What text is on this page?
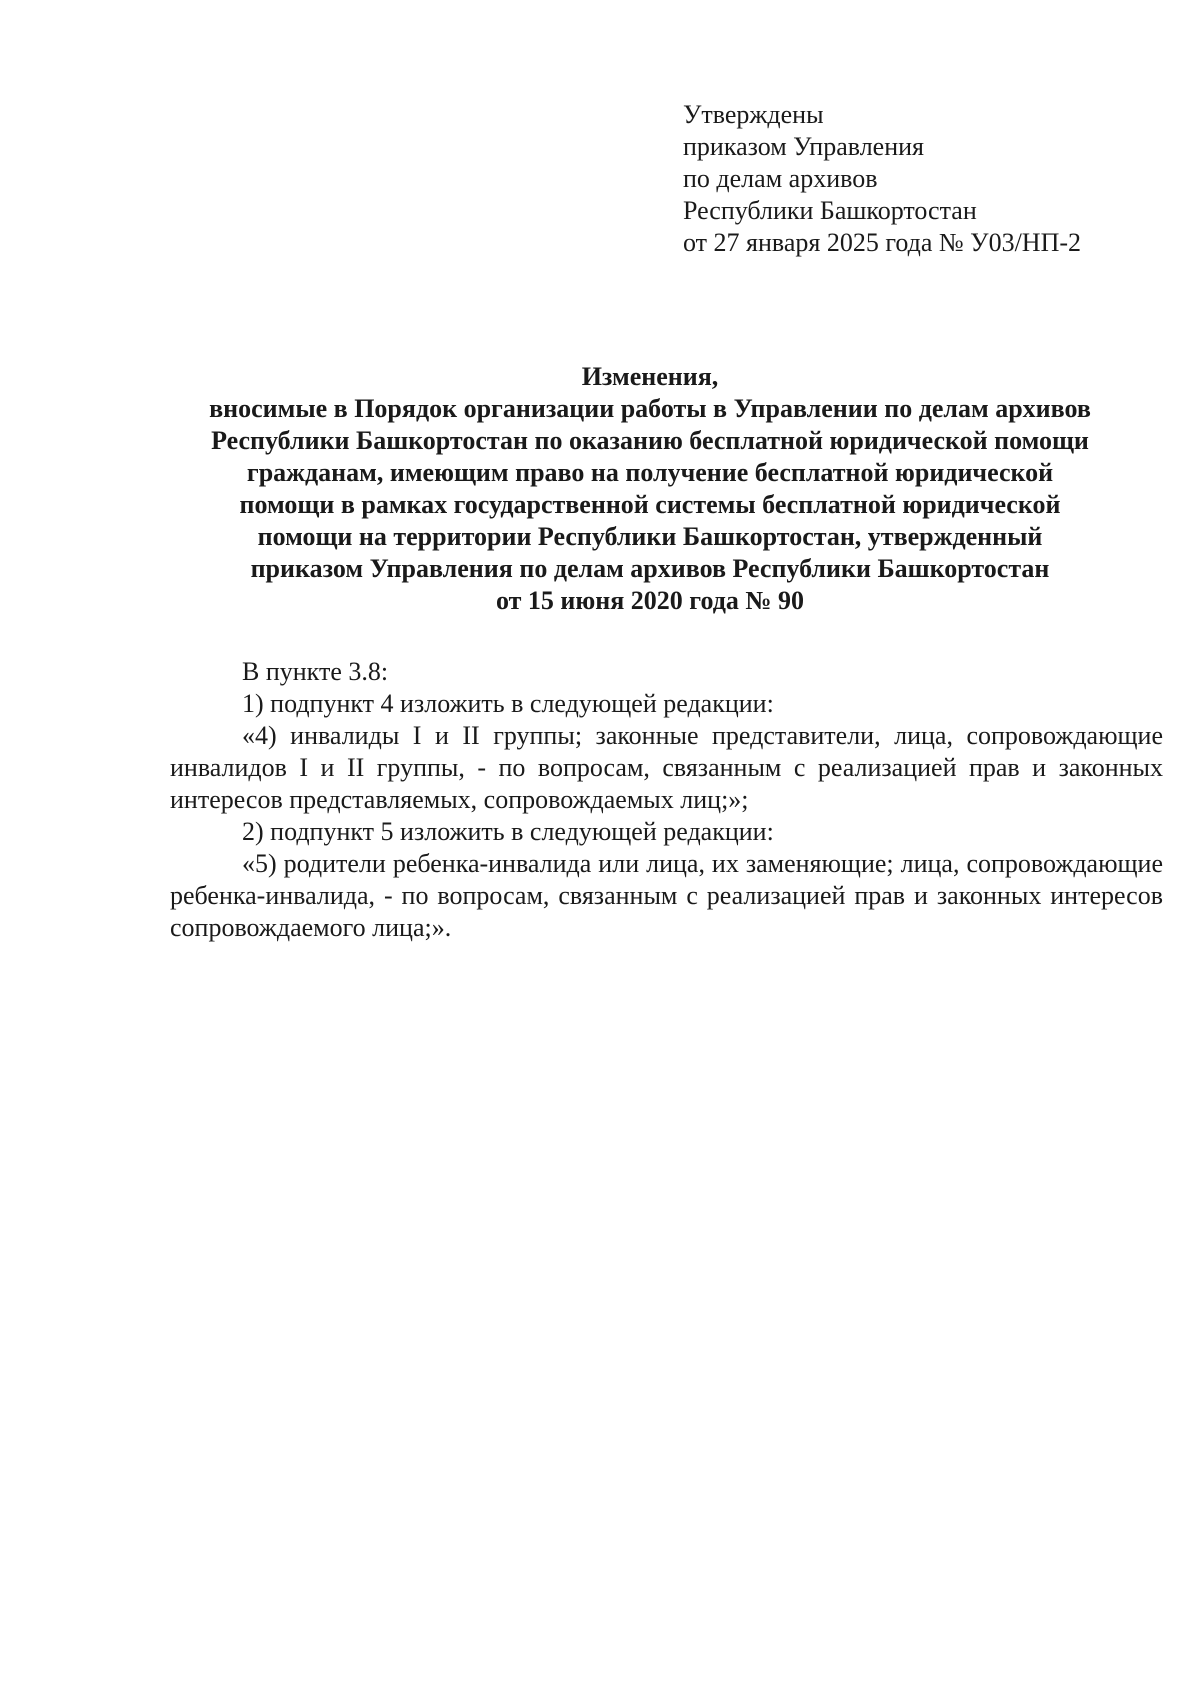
Утверждены
приказом Управления
по делам архивов
Республики Башкортостан
от 27 января 2025 года № У03/НП-2
Изменения,
вносимые в Порядок организации работы в Управлении по делам архивов
Республики Башкортостан по оказанию бесплатной юридической помощи
гражданам, имеющим право на получение бесплатной юридической
помощи в рамках государственной системы бесплатной юридической
помощи на территории Республики Башкортостан, утвержденный
приказом Управления по делам архивов Республики Башкортостан
от 15 июня 2020 года № 90

В пункте 3.8:

1) подпункт 4 изложить в следующей редакции:

«4) инвалиды I и II группы; законные представители, лица, сопровождающие инвалидов I и II группы, - по вопросам, связанным с реализацией прав и законных интересов представляемых, сопровождаемых лиц;»;

2) подпункт 5 изложить в следующей редакции:

«5) родители ребенка-инвалида или лица, их заменяющие; лица, сопровождающие ребенка-инвалида, - по вопросам, связанным с реализацией прав и законных интересов сопровождаемого лица;».
